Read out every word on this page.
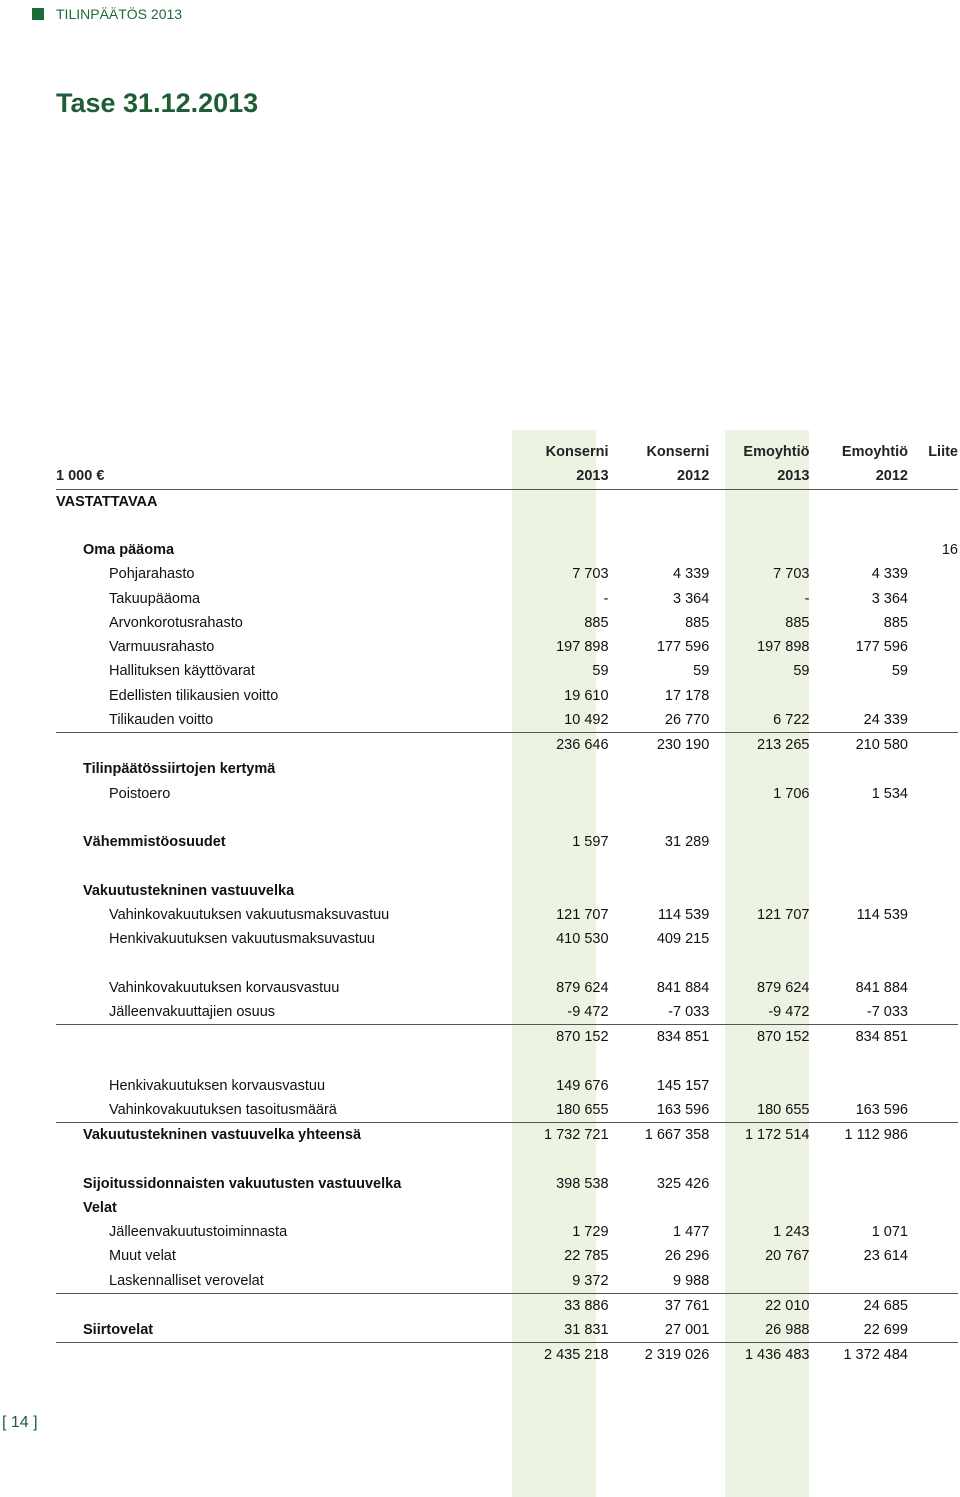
TILINPÄÄTÖS 2013
Tase 31.12.2013
	Konserni	Konserni	Emoyhtiö	Emoyhtiö	Liite
1 000 €	2013	2012	2013	2012	
VASTATTAVAA					

Oma pääoma					16
Pohjarahasto	7 703	4 339	7 703	4 339	
Takuupääoma	-	3 364	-	3 364	
Arvonkorotusrahasto	885	885	885	885	
Varmuusrahasto	197 898	177 596	197 898	177 596	
Hallituksen käyttövarat	59	59	59	59	
Edellisten tilikausien voitto	19 610	17 178			
Tilikauden voitto	10 492	26 770	6 722	24 339	
	236 646	230 190	213 265	210 580	
Tilinpäätössiirtojen kertymä					
Poistoero			1 706	1 534	

Vähemmistöosuudet	1 597	31 289			

Vakuutustekninen vastuuvelka					
Vahinkovakuutuksen vakuutusmaksuvastuu	121 707	114 539	121 707	114 539	
Henkivakuutuksen vakuutusmaksuvastuu	410 530	409 215			

Vahinkovakuutuksen korvausvastuu	879 624	841 884	879 624	841 884	
Jälleenvakuuttajien osuus	-9 472	-7 033	-9 472	-7 033	
	870 152	834 851	870 152	834 851	

Henkivakuutuksen korvausvastuu	149 676	145 157			
Vahinkovakuutuksen tasoitusmäärä	180 655	163 596	180 655	163 596	
Vakuutustekninen vastuuvelka yhteensä	1 732 721	1 667 358	1 172 514	1 112 986	

Sijoitussidonnaisten vakuutusten vastuuvelka	398 538	325 426			
Velat					
Jälleenvakuutustoiminnasta	1 729	1 477	1 243	1 071	
Muut velat	22 785	26 296	20 767	23 614	
Laskennalliset verovelat	9 372	9 988			
	33 886	37 761	22 010	24 685	
Siirtovelat	31 831	27 001	26 988	22 699	
	2 435 218	2 319 026	1 436 483	1 372 484	
[ 14 ]
